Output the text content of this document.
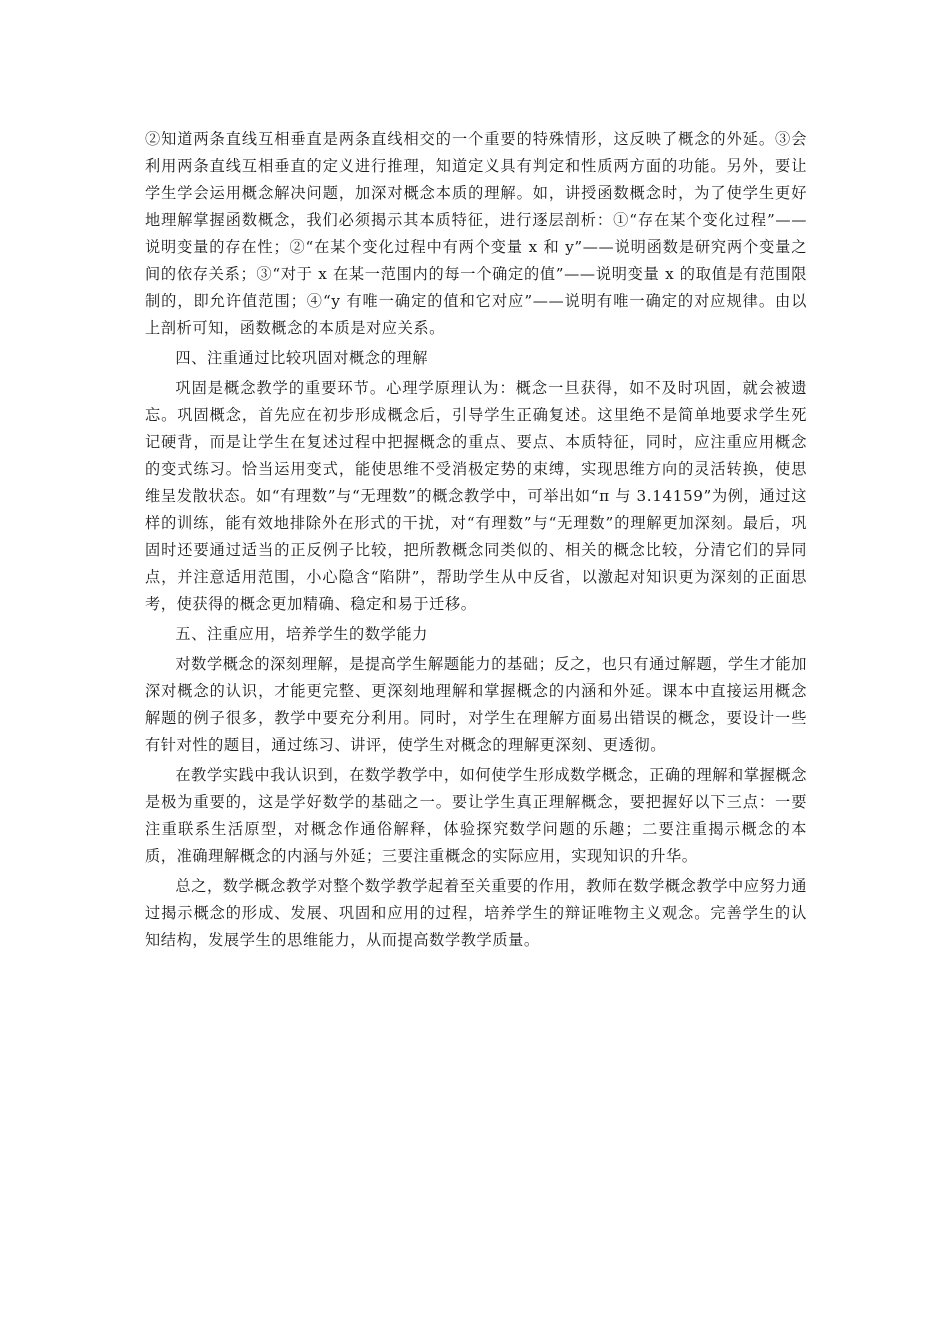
②知道两条直线互相垂直是两条直线相交的一个重要的特殊情形，这反映了概念的外延。③会利用两条直线互相垂直的定义进行推理，知道定义具有判定和性质两方面的功能。另外，要让学生学会运用概念解决问题，加深对概念本质的理解。如，讲授函数概念时，为了使学生更好地理解掌握函数概念，我们必须揭示其本质特征，进行逐层剖析：①“存在某个变化过程”——说明变量的存在性；②“在某个变化过程中有两个变量 x 和 y”——说明函数是研究两个变量之间的依存关系；③“对于 x 在某一范围内的每一个确定的值”——说明变量 x 的取值是有范围限制的，即允许值范围；④“y 有唯一确定的值和它对应”——说明有唯一确定的对应规律。由以上剖析可知，函数概念的本质是对应关系。

四、注重通过比较巩固对概念的理解

巩固是概念教学的重要环节。心理学原理认为：概念一旦获得，如不及时巩固，就会被遗忘。巩固概念，首先应在初步形成概念后，引导学生正确复述。这里绝不是简单地要求学生死记硬背，而是让学生在复述过程中把握概念的重点、要点、本质特征，同时，应注重应用概念的变式练习。恰当运用变式，能使思维不受消极定势的束缚，实现思维方向的灵活转换，使思维呈发散状态。如“有理数”与“无理数”的概念教学中，可举出如“π 与 3.14159”为例，通过这样的训练，能有效地排除外在形式的干扰，对“有理数”与“无理数”的理解更加深刻。最后，巩固时还要通过适当的正反例子比较，把所教概念同类似的、相关的概念比较，分清它们的异同点，并注意适用范围，小心隐含“陷阱”，帮助学生从中反省，以激起对知识更为深刻的正面思考，使获得的概念更加精确、稳定和易于迁移。

五、注重应用，培养学生的数学能力

对数学概念的深刻理解，是提高学生解题能力的基础；反之，也只有通过解题，学生才能加深对概念的认识，才能更完整、更深刻地理解和掌握概念的内涵和外延。课本中直接运用概念解题的例子很多，教学中要充分利用。同时，对学生在理解方面易出错误的概念，要设计一些有针对性的题目，通过练习、讲评，使学生对概念的理解更深刻、更透彻。

在教学实践中我认识到，在数学教学中，如何使学生形成数学概念，正确的理解和掌握概念是极为重要的，这是学好数学的基础之一。要让学生真正理解概念，要把握好以下三点：一要注重联系生活原型，对概念作通俗解释，体验探究数学问题的乐趣；二要注重揭示概念的本质，准确理解概念的内涵与外延；三要注重概念的实际应用，实现知识的升华。

总之，数学概念教学对整个数学教学起着至关重要的作用，教师在数学概念教学中应努力通过揭示概念的形成、发展、巩固和应用的过程，培养学生的辩证唯物主义观念。完善学生的认知结构，发展学生的思维能力，从而提高数学教学质量。
